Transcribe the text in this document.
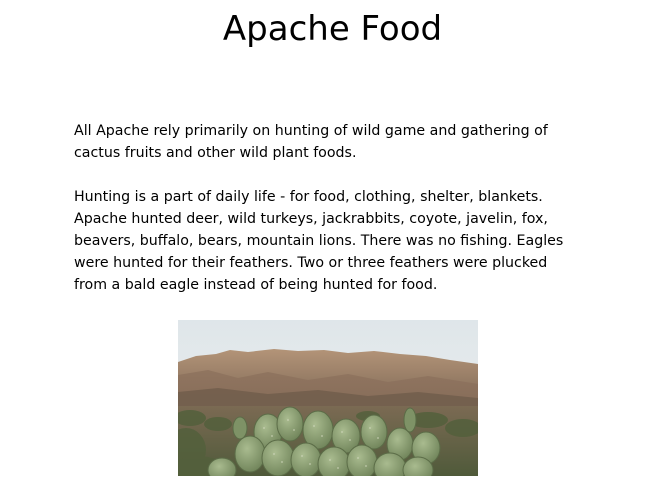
Apache Food

All Apache rely primarily on hunting of wild game and gathering of
cactus fruits and other wild plant foods.

Hunting is a part of daily life - for food, clothing, shelter, blankets.
Apache hunted deer, wild turkeys, jackrabbits, coyote, javelin, fox,
beavers, buffalo, bears, mountain lions. There was no fishing. Eagles
were hunted for their feathers. Two or three feathers were plucked
from a bald eagle instead of being hunted for food.
